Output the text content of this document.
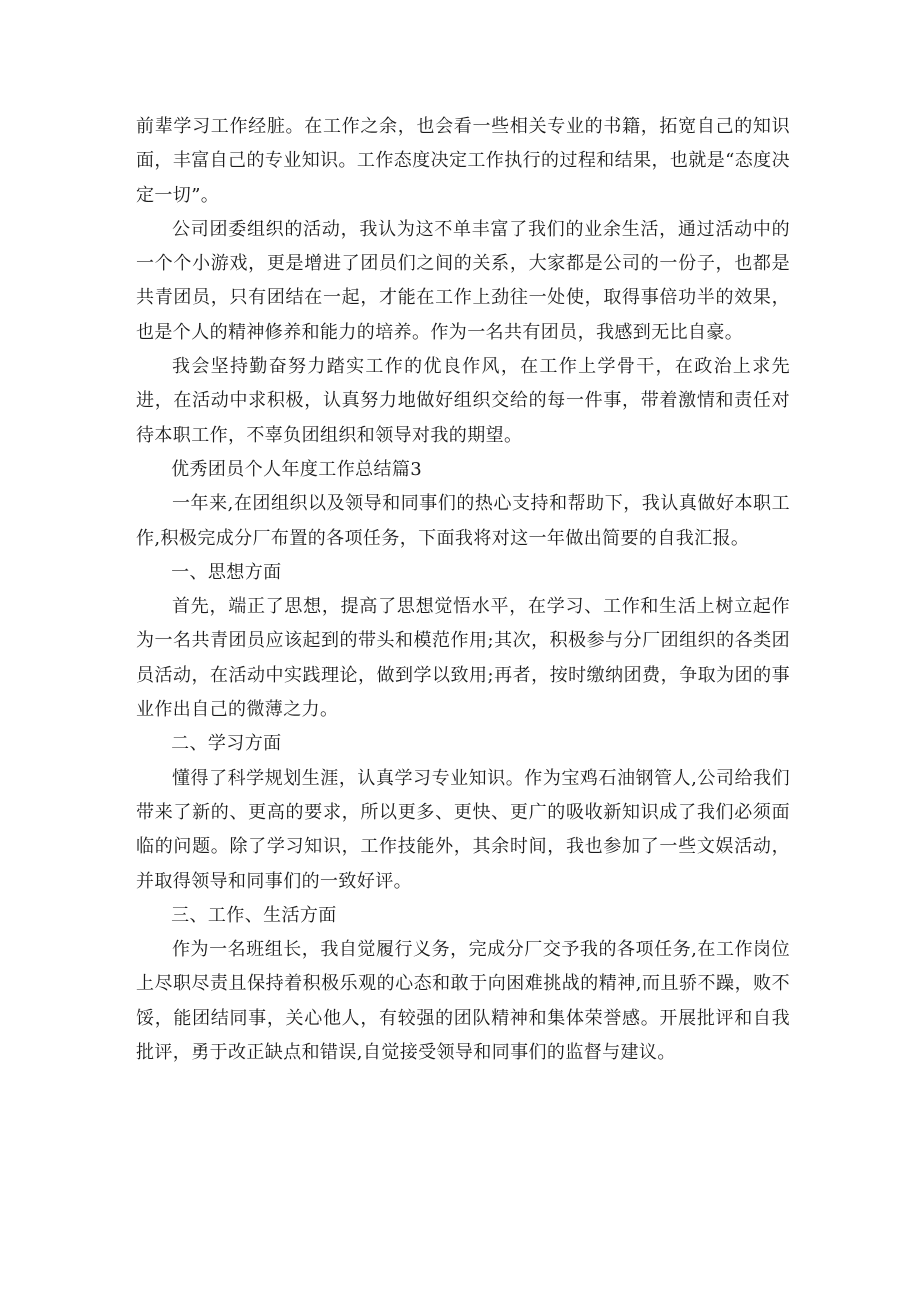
前辈学习工作经脏。在工作之余，也会看一些相关专业的书籍，拓宽自己的知识面，丰富自己的专业知识。工作态度决定工作执行的过程和结果，也就是“态度决定一切”。

公司团委组织的活动，我认为这不单丰富了我们的业余生活，通过活动中的一个个小游戏，更是增进了团员们之间的关系，大家都是公司的一份子，也都是共青团员，只有团结在一起，才能在工作上劲往一处使，取得事倍功半的效果，也是个人的精神修养和能力的培养。作为一名共有团员，我感到无比自豪。

我会坚持勤奋努力踏实工作的优良作风，在工作上学骨干，在政治上求先进，在活动中求积极，认真努力地做好组织交给的每一件事，带着激情和责任对待本职工作，不辜负团组织和领导对我的期望。

优秀团员个人年度工作总结篇3

一年来,在团组织以及领导和同事们的热心支持和帮助下，我认真做好本职工作,积极完成分厂布置的各项任务，下面我将对这一年做出简要的自我汇报。

一、思想方面

首先，端正了思想，提高了思想觉悟水平，在学习、工作和生活上树立起作为一名共青团员应该起到的带头和模范作用;其次，积极参与分厂团组织的各类团员活动，在活动中实践理论，做到学以致用;再者，按时缴纳团费，争取为团的事业作出自己的微薄之力。

二、学习方面

懂得了科学规划生涯，认真学习专业知识。作为宝鸡石油钢管人,公司给我们带来了新的、更高的要求，所以更多、更快、更广的吸收新知识成了我们必须面临的问题。除了学习知识，工作技能外，其余时间，我也参加了一些文娱活动，并取得领导和同事们的一致好评。

三、工作、生活方面

作为一名班组长，我自觉履行义务，完成分厂交予我的各项任务,在工作岗位上尽职尽责且保持着积极乐观的心态和敢于向困难挑战的精神,而且骄不躁，败不馁，能团结同事，关心他人，有较强的团队精神和集体荣誉感。开展批评和自我批评，勇于改正缺点和错误,自觉接受领导和同事们的监督与建议。
